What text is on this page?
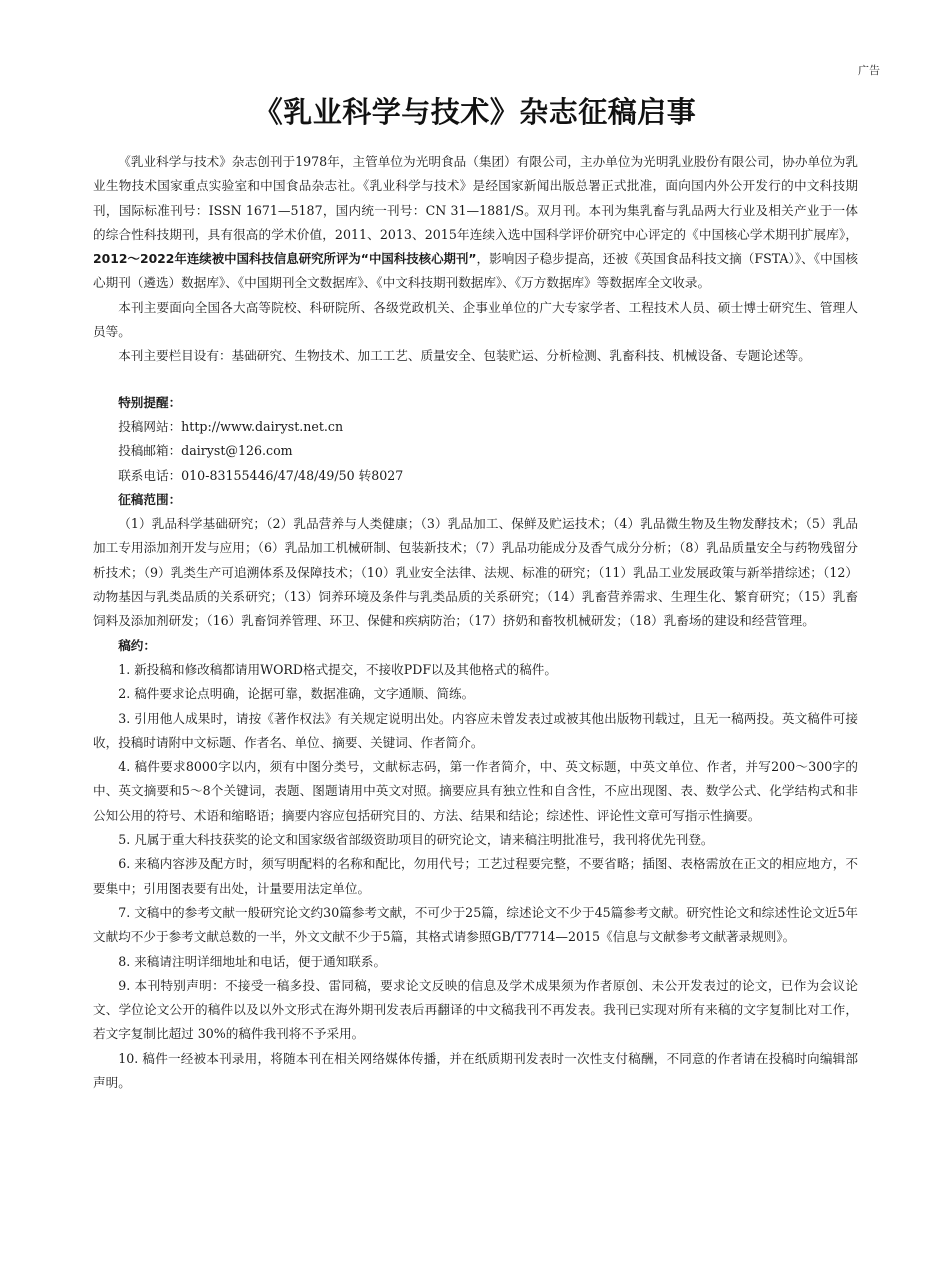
广告
《乳业科学与技术》杂志征稿启事

《乳业科学与技术》杂志创刊于1978年，主管单位为光明食品（集团）有限公司，主办单位为光明乳业股份有限公司，协办单位为乳业生物技术国家重点实验室和中国食品杂志社。《乳业科学与技术》是经国家新闻出版总署正式批准，面向国内外公开发行的中文科技期刊，国际标准刊号：ISSN 1671—5187，国内统一刊号：CN 31—1881/S。双月刊。本刊为集乳畜与乳品两大行业及相关产业于一体的综合性科技期刊，具有很高的学术价值，2011、2013、2015年连续入选中国科学评价研究中心评定的《中国核心学术期刊扩展库》，2012～2022年连续被中国科技信息研究所评为“中国科技核心期刊”，影响因子稳步提高，还被《英国食品科技文摘（FSTA）》、《中国核心期刊（遴选）数据库》、《中国期刊全文数据库》、《中文科技期刊数据库》、《万方数据库》等数据库全文收录。

本刊主要面向全国各大高等院校、科研院所、各级党政机关、企事业单位的广大专家学者、工程技术人员、硕士博士研究生、管理人员等。

本刊主要栏目设有：基础研究、生物技术、加工工艺、质量安全、包装贮运、分析检测、乳畜科技、机械设备、专题论述等。

特别提醒：
投稿网站：http://www.dairyst.net.cn
投稿邮箱：dairyst@126.com
联系电话：010-83155446/47/48/49/50 转8027
征稿范围：

（1）乳品科学基础研究；（2）乳品营养与人类健康；（3）乳品加工、保鲜及贮运技术；（4）乳品微生物及生物发酵技术；（5）乳品加工专用添加剂开发与应用；（6）乳品加工机械研制、包装新技术；（7）乳品功能成分及香气成分分析；（8）乳品质量安全与药物残留分析技术；（9）乳类生产可追溯体系及保障技术；（10）乳业安全法律、法规、标准的研究；（11）乳品工业发展政策与新举措综述；（12）动物基因与乳类品质的关系研究；（13）饲养环境及条件与乳类品质的关系研究；（14）乳畜营养需求、生理生化、繁育研究；（15）乳畜饲料及添加剂研发；（16）乳畜饲养管理、环卫、保健和疾病防治；（17）挤奶和畜牧机械研发；（18）乳畜场的建设和经营管理。

稿约：

1. 新投稿和修改稿都请用WORD格式提交，不接收PDF以及其他格式的稿件。

2. 稿件要求论点明确，论据可靠，数据准确，文字通顺、简练。

3. 引用他人成果时，请按《著作权法》有关规定说明出处。内容应未曾发表过或被其他出版物刊载过，且无一稿两投。英文稿件可接收，投稿时请附中文标题、作者名、单位、摘要、关键词、作者简介。

4. 稿件要求8000字以内，须有中图分类号，文献标志码，第一作者简介，中、英文标题，中英文单位、作者，并写200～300字的中、英文摘要和5～8个关键词，表题、图题请用中英文对照。摘要应具有独立性和自含性，不应出现图、表、数学公式、化学结构式和非公知公用的符号、术语和缩略语；摘要内容应包括研究目的、方法、结果和结论；综述性、评论性文章可写指示性摘要。

5. 凡属于重大科技获奖的论文和国家级省部级资助项目的研究论文，请来稿注明批准号，我刊将优先刊登。

6. 来稿内容涉及配方时，须写明配料的名称和配比，勿用代号；工艺过程要完整，不要省略；插图、表格需放在正文的相应地方，不要集中；引用图表要有出处，计量要用法定单位。

7. 文稿中的参考文献一般研究论文约30篇参考文献，不可少于25篇，综述论文不少于45篇参考文献。研究性论文和综述性论文近5年文献均不少于参考文献总数的一半，外文文献不少于5篇，其格式请参照GB/T7714—2015《信息与文献参考文献著录规则》。

8. 来稿请注明详细地址和电话，便于通知联系。

9. 本刊特别声明：不接受一稿多投、雷同稿，要求论文反映的信息及学术成果须为作者原创、未公开发表过的论文，已作为会议论文、学位论文公开的稿件以及以外文形式在海外期刊发表后再翻译的中文稿我刊不再发表。我刊已实现对所有来稿的文字复制比对工作，若文字复制比超过 30%的稿件我刊将不予采用。

10. 稿件一经被本刊录用，将随本刊在相关网络媒体传播，并在纸质期刊发表时一次性支付稿酬，不同意的作者请在投稿时向编辑部声明。
